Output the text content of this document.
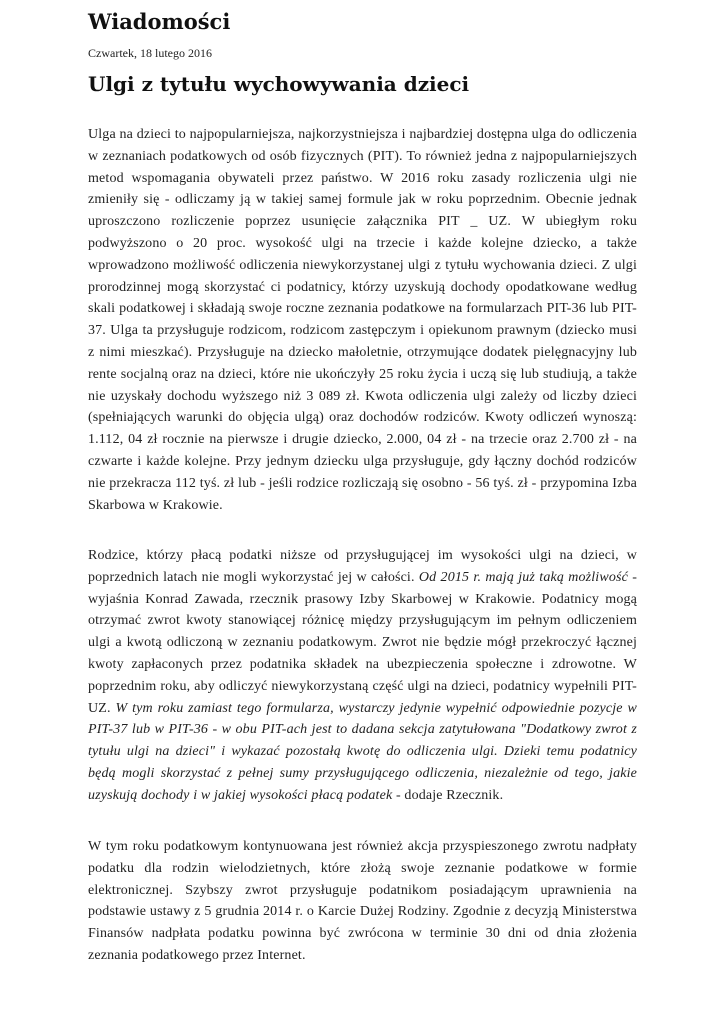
Wiadomości
Czwartek, 18 lutego 2016
Ulgi z tytułu wychowywania dzieci

Ulga na dzieci to najpopularniejsza, najkorzystniejsza i najbardziej dostępna ulga do odliczenia w zeznaniach podatkowych od osób fizycznych (PIT). To również jedna z najpopularniejszych metod wspomagania obywateli przez państwo. W 2016 roku zasady rozliczenia ulgi nie zmieniły się - odliczamy ją w takiej samej formule jak w roku poprzednim. Obecnie jednak uproszczono rozliczenie poprzez usunięcie załącznika PIT _ UZ. W ubiegłym roku podwyższono o 20 proc. wysokość ulgi na trzecie i każde kolejne dziecko, a także wprowadzono możliwość odliczenia niewykorzystanej ulgi z tytułu wychowania dzieci. Z ulgi prorodzinnej mogą skorzystać ci podatnicy, którzy uzyskują dochody opodatkowane według skali podatkowej i składają swoje roczne zeznania podatkowe na formularzach PIT-36 lub PIT-37. Ulga ta przysługuje rodzicom, rodzicom zastępczym i opiekunom prawnym (dziecko musi z nimi mieszkać). Przysługuje na dziecko małoletnie, otrzymujące dodatek pielęgnacyjny lub rente socjalną oraz na dzieci, które nie ukończyły 25 roku życia i uczą się lub studiują, a także nie uzyskały dochodu wyższego niż 3 089 zł. Kwota odliczenia ulgi zależy od liczby dzieci (spełniających warunki do objęcia ulgą) oraz dochodów rodziców. Kwoty odliczeń wynoszą: 1.112, 04 zł rocznie na pierwsze i drugie dziecko, 2.000, 04 zł - na trzecie oraz 2.700 zł - na czwarte i każde kolejne. Przy jednym dziecku ulga przysługuje, gdy łączny dochód rodziców nie przekracza 112 tyś. zł lub - jeśli rodzice rozliczają się osobno - 56 tyś. zł - przypomina Izba Skarbowa w Krakowie.

Rodzice, którzy płacą podatki niższe od przysługującej im wysokości ulgi na dzieci, w poprzednich latach nie mogli wykorzystać jej w całości. Od 2015 r. mają już taką możliwość - wyjaśnia Konrad Zawada, rzecznik prasowy Izby Skarbowej w Krakowie. Podatnicy mogą otrzymać zwrot kwoty stanowiącej różnicę między przysługującym im pełnym odliczeniem ulgi a kwotą odliczoną w zeznaniu podatkowym. Zwrot nie będzie mógł przekroczyć łącznej kwoty zapłaconych przez podatnika składek na ubezpieczenia społeczne i zdrowotne. W poprzednim roku, aby odliczyć niewykorzystaną część ulgi na dzieci, podatnicy wypełnili PIT-UZ. W tym roku zamiast tego formularza, wystarczy jedynie wypełnić odpowiednie pozycje w PIT-37 lub w PIT-36 - w obu PIT-ach jest to dadana sekcja zatytułowana "Dodatkowy zwrot z tytułu ulgi na dzieci" i wykazać pozostałą kwotę do odliczenia ulgi. Dzieki temu podatnicy będą mogli skorzystać z pełnej sumy przysługującego odliczenia, niezależnie od tego, jakie uzyskują dochody i w jakiej wysokości płacą podatek - dodaje Rzecznik.

W tym roku podatkowym kontynuowana jest również akcja przyspieszonego zwrotu nadpłaty podatku dla rodzin wielodzietnych, które złożą swoje zeznanie podatkowe w formie elektronicznej. Szybszy zwrot przysługuje podatnikom posiadającym uprawnienia na podstawie ustawy z 5 grudnia 2014 r. o Karcie Dużej Rodziny. Zgodnie z decyzją Ministerstwa Finansów nadpłata podatku powinna być zwrócona w terminie 30 dni od dnia złożenia zeznania podatkowego przez Internet.
